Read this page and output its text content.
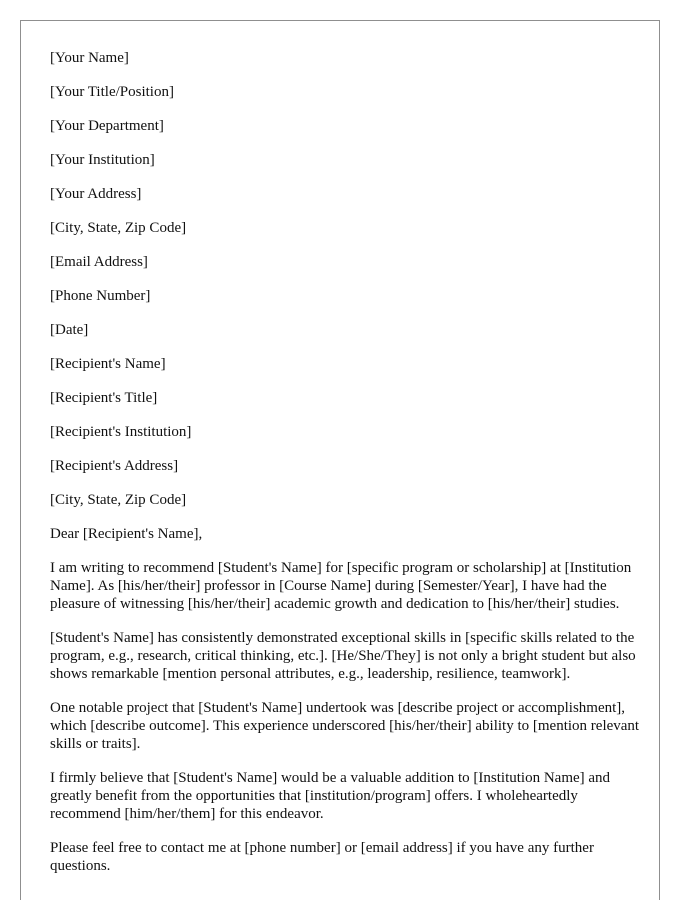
[Your Name]
[Your Title/Position]
[Your Department]
[Your Institution]
[Your Address]
[City, State, Zip Code]
[Email Address]
[Phone Number]
[Date]
[Recipient's Name]
[Recipient's Title]
[Recipient's Institution]
[Recipient's Address]
[City, State, Zip Code]
Dear [Recipient's Name],

I am writing to recommend [Student's Name] for [specific program or scholarship] at [Institution Name]. As [his/her/their] professor in [Course Name] during [Semester/Year], I have had the pleasure of witnessing [his/her/their] academic growth and dedication to [his/her/their] studies.

[Student's Name] has consistently demonstrated exceptional skills in [specific skills related to the program, e.g., research, critical thinking, etc.]. [He/She/They] is not only a bright student but also shows remarkable [mention personal attributes, e.g., leadership, resilience, teamwork].

One notable project that [Student's Name] undertook was [describe project or accomplishment], which [describe outcome]. This experience underscored [his/her/their] ability to [mention relevant skills or traits].

I firmly believe that [Student's Name] would be a valuable addition to [Institution Name] and greatly benefit from the opportunities that [institution/program] offers. I wholeheartedly recommend [him/her/them] for this endeavor.

Please feel free to contact me at [phone number] or [email address] if you have any further questions.
